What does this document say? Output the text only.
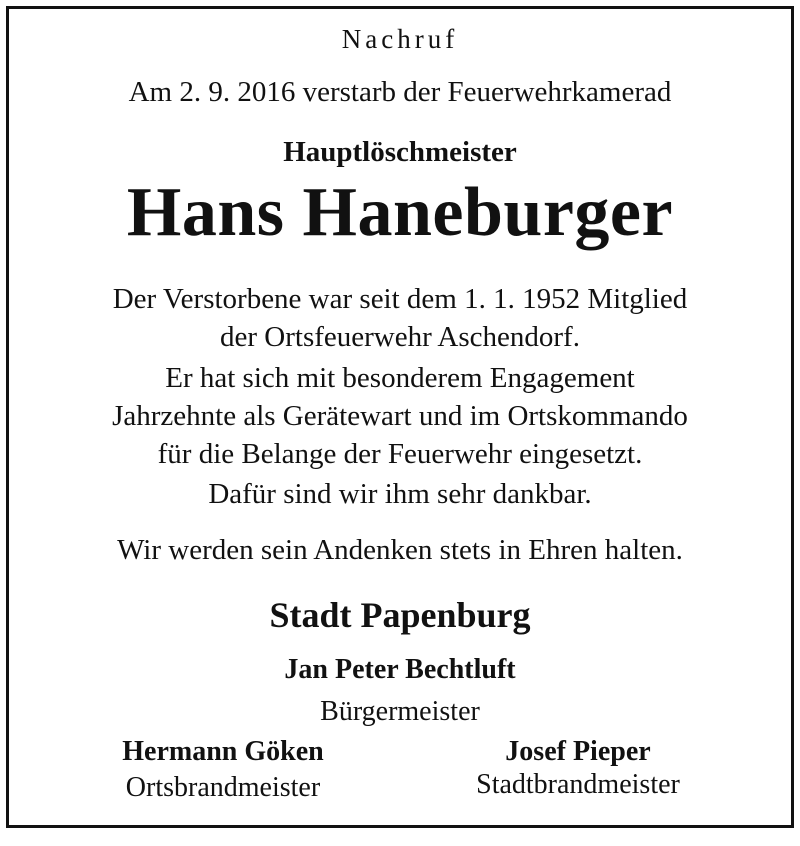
Nachruf
Am 2. 9. 2016 verstarb der Feuerwehrkamerad
Hauptlöschmeister
Hans Haneburger
Der Verstorbene war seit dem 1. 1. 1952 Mitglied
der Ortsfeuerwehr Aschendorf.
Er hat sich mit besonderem Engagement
Jahrzehnte als Gerätewart und im Ortskommando
für die Belange der Feuerwehr eingesetzt.
Dafür sind wir ihm sehr dankbar.
Wir werden sein Andenken stets in Ehren halten.
Stadt Papenburg
Jan Peter Bechtluft
Bürgermeister
Hermann Göken
Ortsbrandmeister
Josef Pieper
Stadtbrandmeister
